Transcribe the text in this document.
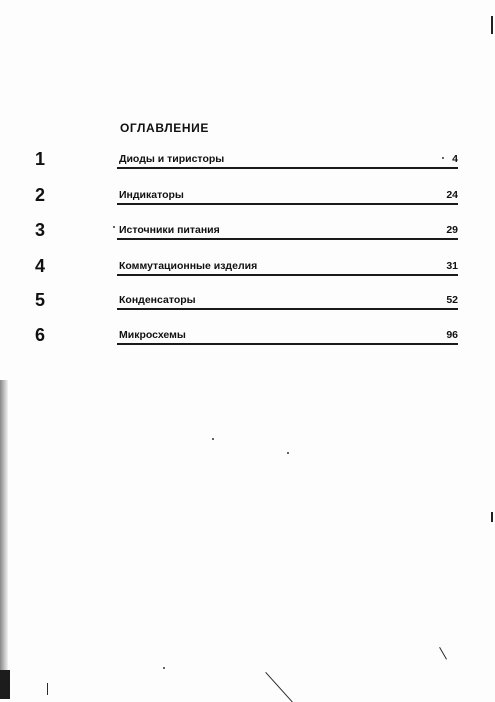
ОГЛАВЛЕНИЕ
1	Диоды и тиристоры	4
2	Индикаторы	24
3	Источники питания	29
4	Коммутационные изделия	31
5	Конденсаторы	52
6	Микросхемы	96
